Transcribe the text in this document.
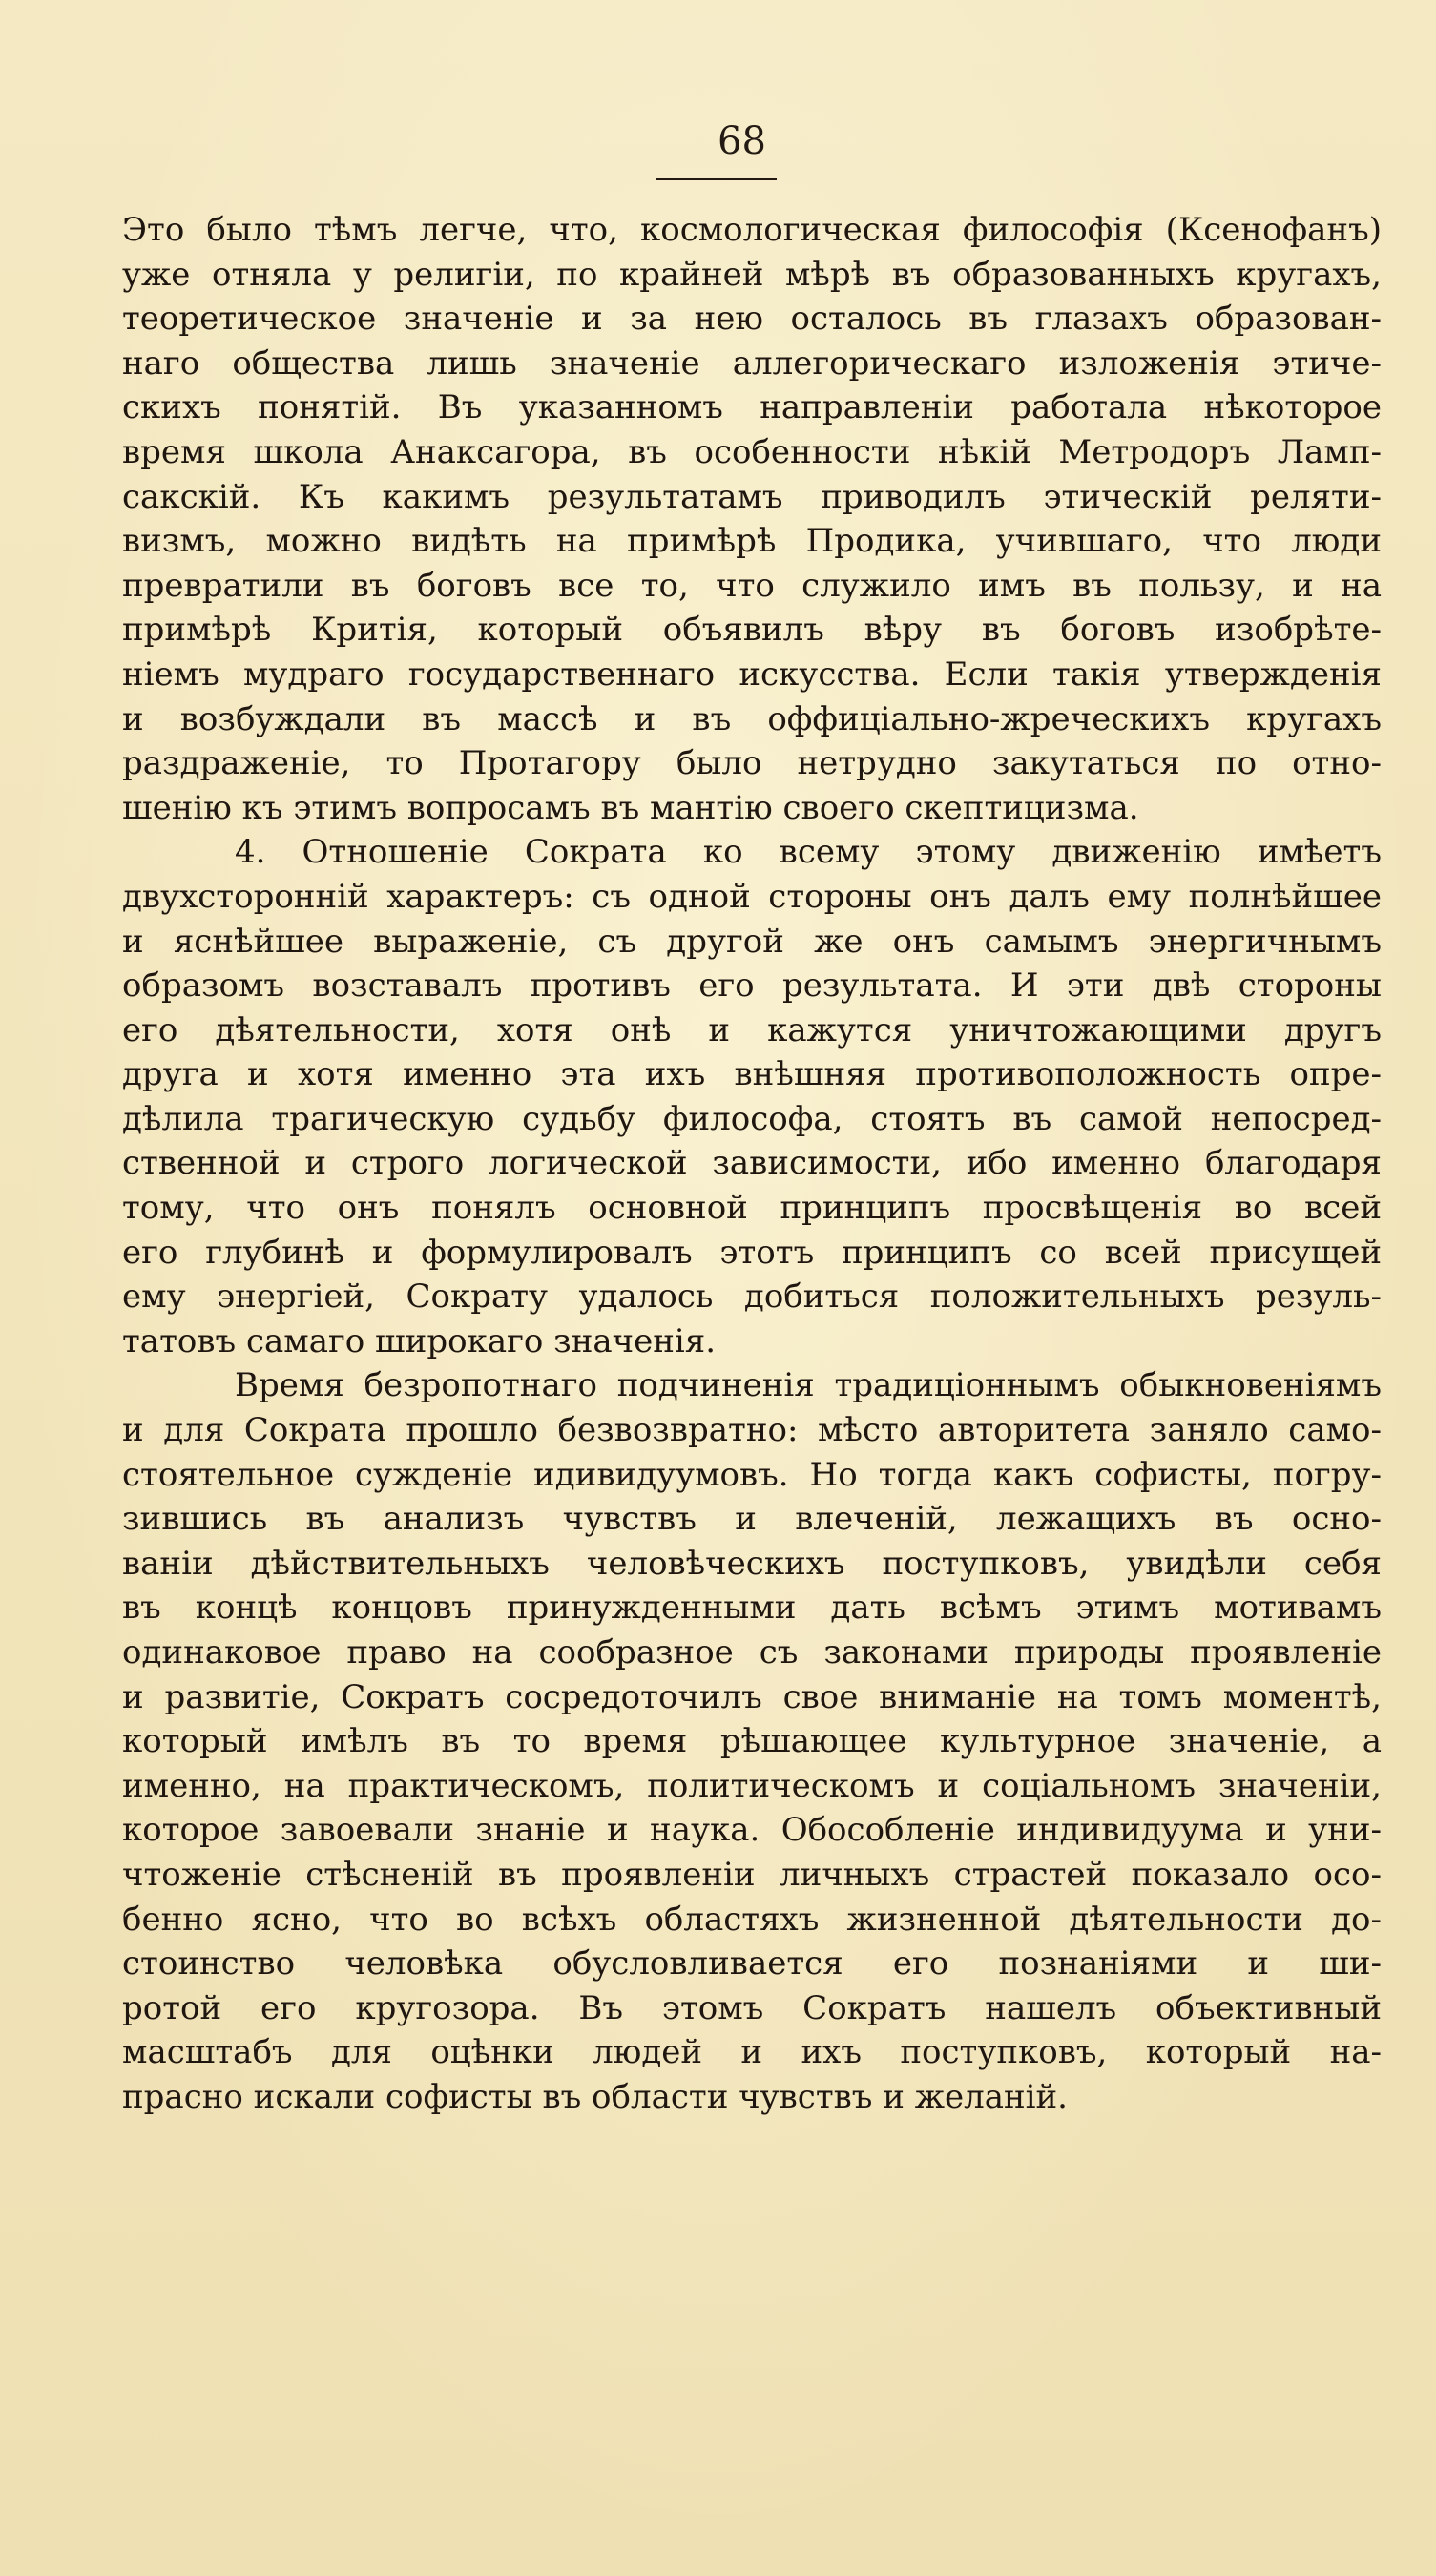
68
Это было тѣмъ легче, что, космологическая философія (Ксенофанъ)
уже отняла у религіи, по крайней мѣрѣ въ образованныхъ кругахъ,
теоретическое значеніе и за нею осталось въ глазахъ образован-
наго общества лишь значеніе аллегорическаго изложенія этиче-
скихъ понятій. Въ указанномъ направленіи работала нѣкоторое
время школа Анаксагора, въ особенности нѣкій Метродоръ Ламп-
сакскій. Къ какимъ результатамъ приводилъ этическій реляти-
визмъ, можно видѣть на примѣрѣ Продика, учившаго, что люди
превратили въ боговъ все то, что служило имъ въ пользу, и на
примѣрѣ Критія, который объявилъ вѣру въ боговъ изобрѣте-
ніемъ мудраго государственнаго искусства. Если такія утвержденія
и возбуждали въ массѣ и въ оффиціально-жреческихъ кругахъ
раздраженіе, то Протагору было нетрудно закутаться по отно-
шенію къ этимъ вопросамъ въ мантію своего скептицизма.
4. Отношеніе Сократа ко всему этому движенію имѣетъ
двухсторонній характеръ: съ одной стороны онъ далъ ему полнѣйшее
и яснѣйшее выраженіе, съ другой же онъ самымъ энергичнымъ
образомъ возставалъ противъ его результата. И эти двѣ стороны
его дѣятельности, хотя онѣ и кажутся уничтожающими другъ
друга и хотя именно эта ихъ внѣшняя противоположность опре-
дѣлила трагическую судьбу философа, стоятъ въ самой непосред-
ственной и строго логической зависимости, ибо именно благодаря
тому, что онъ понялъ основной принципъ просвѣщенія во всей
его глубинѣ и формулировалъ этотъ принципъ со всей присущей
ему энергіей, Сократу удалось добиться положительныхъ резуль-
татовъ самаго широкаго значенія.
Время безропотнаго подчиненія традиціоннымъ обыкновеніямъ
и для Сократа прошло безвозвратно: мѣсто авторитета заняло само-
стоятельное сужденіе идивидуумовъ. Но тогда какъ софисты, погру-
зившись въ анализъ чувствъ и влеченій, лежащихъ въ осно-
ваніи дѣйствительныхъ человѣческихъ поступковъ, увидѣли себя
въ концѣ концовъ принужденными дать всѣмъ этимъ мотивамъ
одинаковое право на сообразное съ законами природы проявленіе
и развитіе, Сократъ сосредоточилъ свое вниманіе на томъ моментѣ,
который имѣлъ въ то время рѣшающее культурное значеніе, а
именно, на практическомъ, политическомъ и соціальномъ значеніи,
которое завоевали знаніе и наука. Обособленіе индивидуума и уни-
чтоженіе стѣсненій въ проявленіи личныхъ страстей показало осо-
бенно ясно, что во всѣхъ областяхъ жизненной дѣятельности до-
стоинство человѣка обусловливается его познаніями и ши-
ротой его кругозора. Въ этомъ Сократъ нашелъ объективный
масштабъ для оцѣнки людей и ихъ поступковъ, который на-
прасно искали софисты въ области чувствъ и желаній.
